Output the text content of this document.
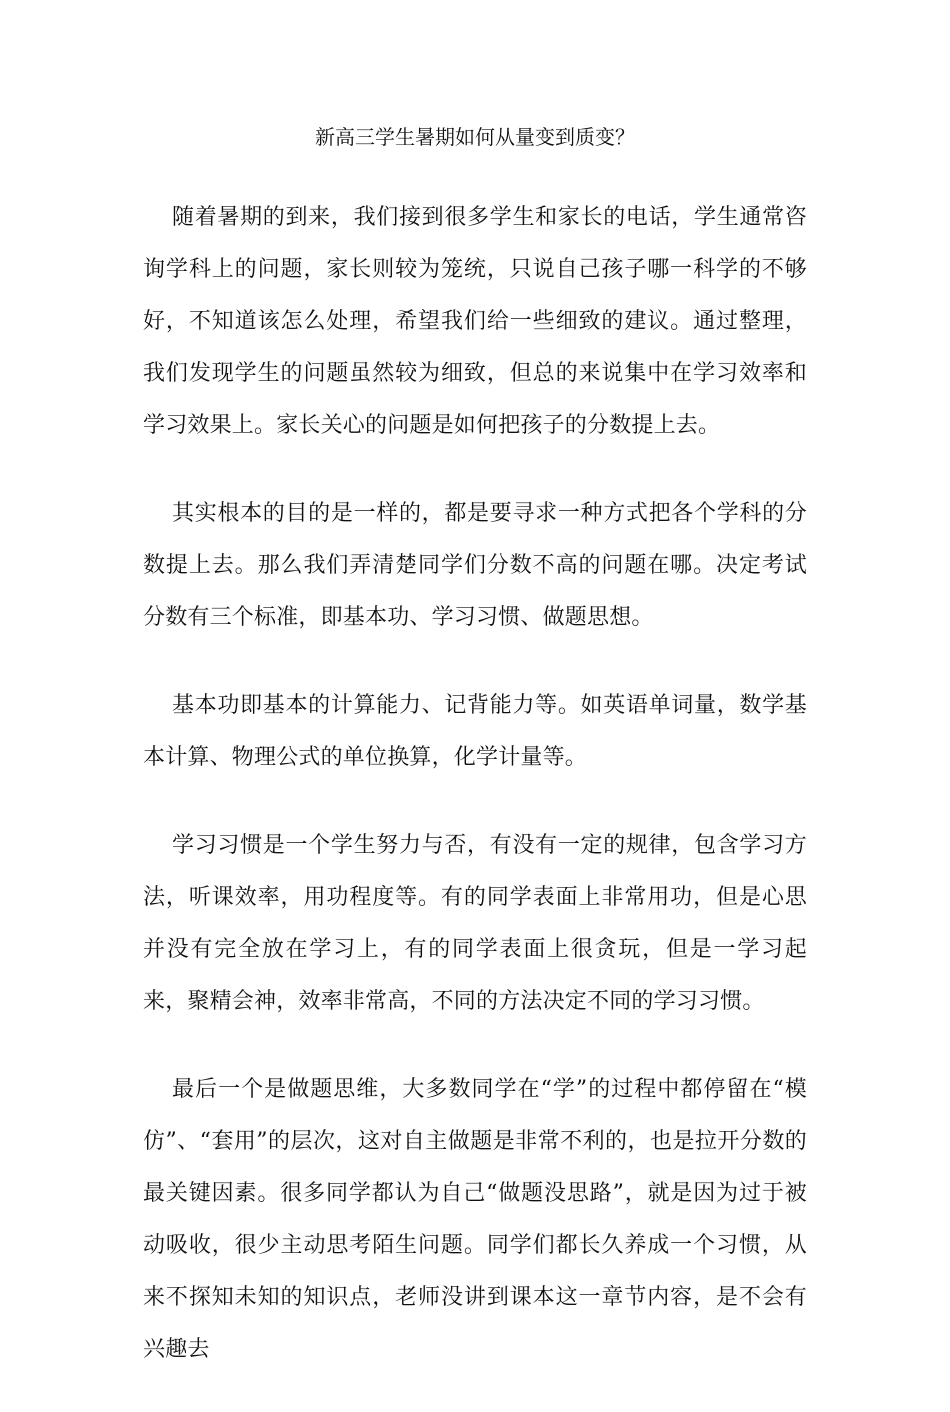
新高三学生暑期如何从量变到质变？

随着暑期的到来，我们接到很多学生和家长的电话，学生通常咨询学科上的问题，家长则较为笼统，只说自己孩子哪一科学的不够好，不知道该怎么处理，希望我们给一些细致的建议。通过整理，我们发现学生的问题虽然较为细致，但总的来说集中在学习效率和学习效果上。家长关心的问题是如何把孩子的分数提上去。

其实根本的目的是一样的，都是要寻求一种方式把各个学科的分数提上去。那么我们弄清楚同学们分数不高的问题在哪。决定考试分数有三个标准，即基本功、学习习惯、做题思想。

基本功即基本的计算能力、记背能力等。如英语单词量，数学基本计算、物理公式的单位换算，化学计量等。

学习习惯是一个学生努力与否，有没有一定的规律，包含学习方法，听课效率，用功程度等。有的同学表面上非常用功，但是心思并没有完全放在学习上，有的同学表面上很贪玩，但是一学习起来，聚精会神，效率非常高，不同的方法决定不同的学习习惯。

最后一个是做题思维，大多数同学在“学”的过程中都停留在“模仿”、“套用”的层次，这对自主做题是非常不利的，也是拉开分数的最关键因素。很多同学都认为自己“做题没思路”，就是因为过于被动吸收，很少主动思考陌生问题。同学们都长久养成一个习惯，从来不探知未知的知识点，老师没讲到课本这一章节内容，是不会有兴趣去
